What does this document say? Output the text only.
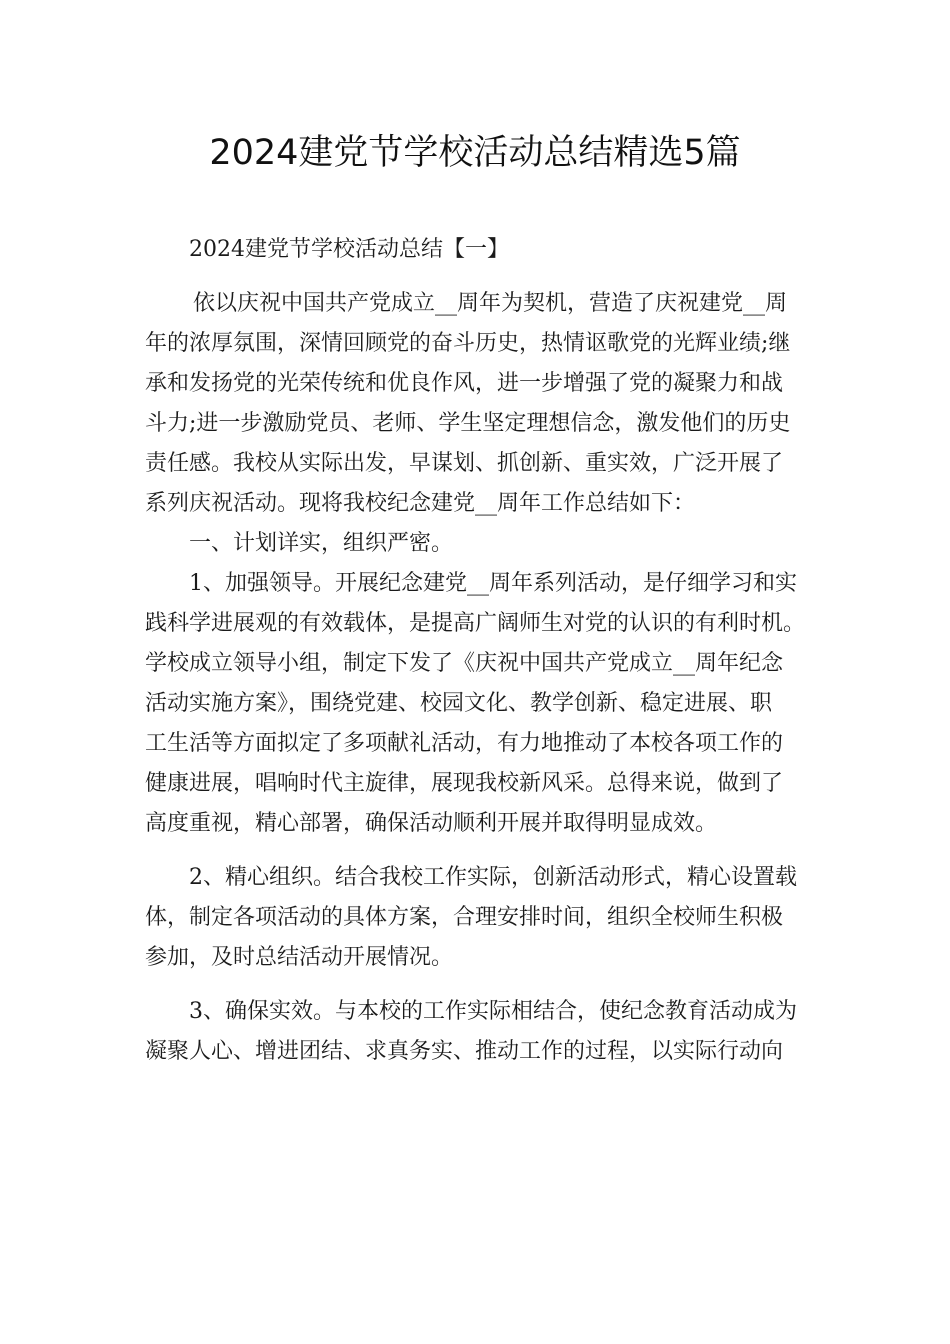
2024建党节学校活动总结精选5篇
2024建党节学校活动总结【一】
依以庆祝中国共产党成立__周年为契机，营造了庆祝建党__周
年的浓厚氛围，深情回顾党的奋斗历史，热情讴歌党的光辉业绩;继
承和发扬党的光荣传统和优良作风，进一步增强了党的凝聚力和战
斗力;进一步激励党员、老师、学生坚定理想信念，激发他们的历史
责任感。我校从实际出发，早谋划、抓创新、重实效，广泛开展了
系列庆祝活动。现将我校纪念建党__周年工作总结如下：
一、计划详实，组织严密。
1、加强领导。开展纪念建党__周年系列活动，是仔细学习和实
践科学进展观的有效载体，是提高广阔师生对党的认识的有利时机。
学校成立领导小组，制定下发了《庆祝中国共产党成立__周年纪念
活动实施方案》，围绕党建、校园文化、教学创新、稳定进展、职
工生活等方面拟定了多项献礼活动，有力地推动了本校各项工作的
健康进展，唱响时代主旋律，展现我校新风采。总得来说，做到了
高度重视，精心部署，确保活动顺利开展并取得明显成效。
2、精心组织。结合我校工作实际，创新活动形式，精心设置载
体，制定各项活动的具体方案，合理安排时间，组织全校师生积极
参加，及时总结活动开展情况。
3、确保实效。与本校的工作实际相结合，使纪念教育活动成为
凝聚人心、增进团结、求真务实、推动工作的过程，以实际行动向
